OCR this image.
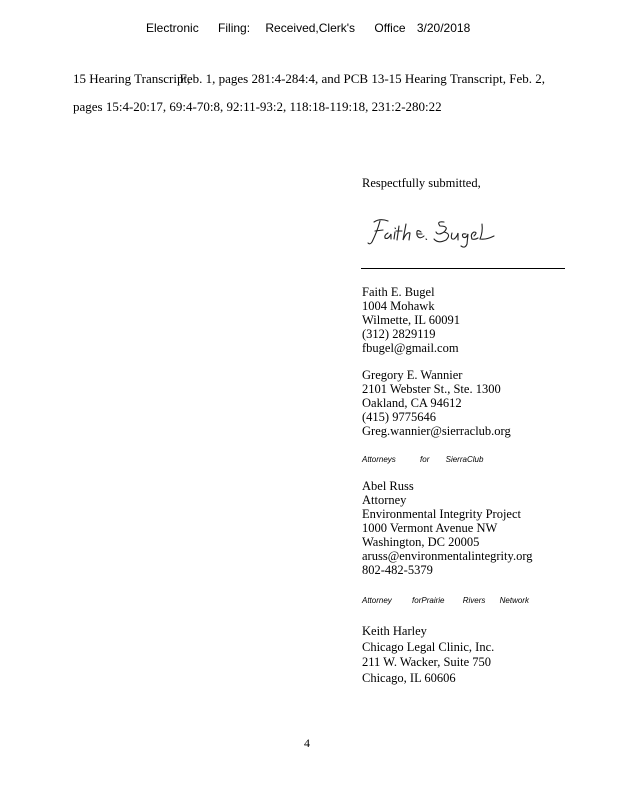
Electronic Filing: Received,Clerk's Office 3/20/2018
15 Hearing Transcript, Feb. 1, pages 281:4-284:4, and PCB 13-15 Hearing Transcript, Feb. 2,
pages 15:4-20:17, 69:4-70:8, 92:11-93:2, 118:18-119:18, 231:2-280:22
Respectfully submitted,
Faith E. Bugel
1004 Mohawk
Wilmette, IL 60091
(312) 2829119
fbugel@gmail.com
Gregory E. Wannier
2101 Webster St., Ste. 1300
Oakland, CA 94612
(415) 9775646
Greg.wannier@sierraclub.org
Attorneys	for SierraClub
Abel Russ
Attorney
Environmental Integrity Project
1000 Vermont Avenue NW
Washington, DC 20005
aruss@environmentalintegrity.org
802-482-5379
Attorney	forPrairie Rivers Network
Keith Harley
Chicago Legal Clinic, Inc.
211 W. Wacker, Suite 750
Chicago, IL 60606
4
